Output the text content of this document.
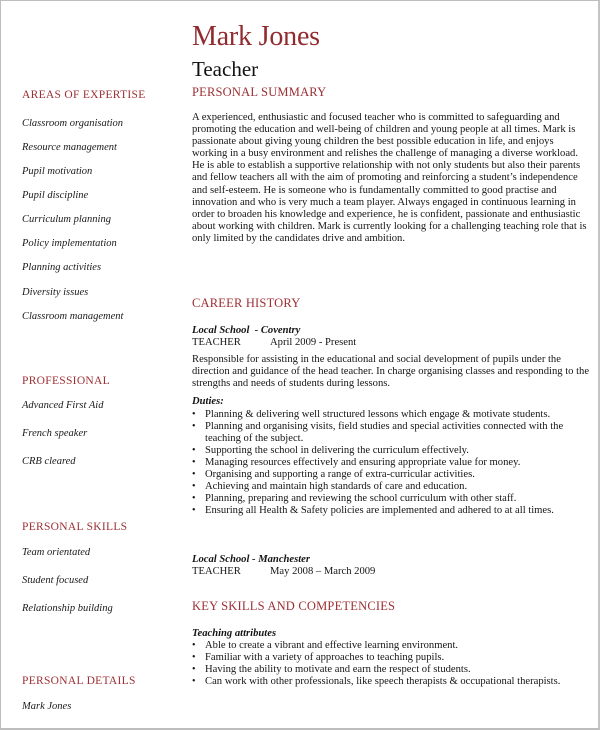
Mark Jones
Teacher
AREAS OF EXPERTISE
Classroom organisation
Resource management
Pupil motivation
Pupil discipline
Curriculum planning
Policy implementation
Planning activities
Diversity issues
Classroom management
PROFESSIONAL
Advanced First Aid
French speaker
CRB cleared
PERSONAL SKILLS
Team orientated
Student focused
Relationship building
PERSONAL DETAILS
Mark Jones
PERSONAL SUMMARY
A experienced, enthusiastic and focused teacher who is committed to safeguarding and promoting the education and well-being of children and young people at all times. Mark is passionate about giving young children the best possible education in life, and enjoys working in a busy environment and relishes the challenge of managing a diverse workload. He is able to establish a supportive relationship with not only students but also their parents and fellow teachers all with the aim of promoting and reinforcing a student’s independence and self-esteem. He is someone who is fundamentally committed to good practise and innovation and who is very much a team player. Always engaged in continuous learning in order to broaden his knowledge and experience, he is confident, passionate and enthusiastic about working with children. Mark is currently looking for a challenging teaching role that is only limited by the candidates drive and ambition.
CAREER HISTORY
Local School  - Coventry
TEACHER	April 2009 - Present
Responsible for assisting in the educational and social development of pupils under the direction and guidance of the head teacher. In charge organising classes and responding to the strengths and needs of students during lessons.
Duties:
• Planning & delivering well structured lessons which engage & motivate students.
• Planning and organising visits, field studies and special activities connected with the teaching of the subject.
• Supporting the school in delivering the curriculum effectively.
• Managing resources effectively and ensuring appropriate value for money.
• Organising and supporting a range of extra-curricular activities.
• Achieving and maintain high standards of care and education.
• Planning, preparing and reviewing the school curriculum with other staff.
• Ensuring all Health & Safety policies are implemented and adhered to at all times.
Local School - Manchester
TEACHER	May 2008 – March 2009
KEY SKILLS AND COMPETENCIES
Teaching attributes
• Able to create a vibrant and effective learning environment.
• Familiar with a variety of approaches to teaching pupils.
• Having the ability to motivate and earn the respect of students.
• Can work with other professionals, like speech therapists & occupational therapists.
